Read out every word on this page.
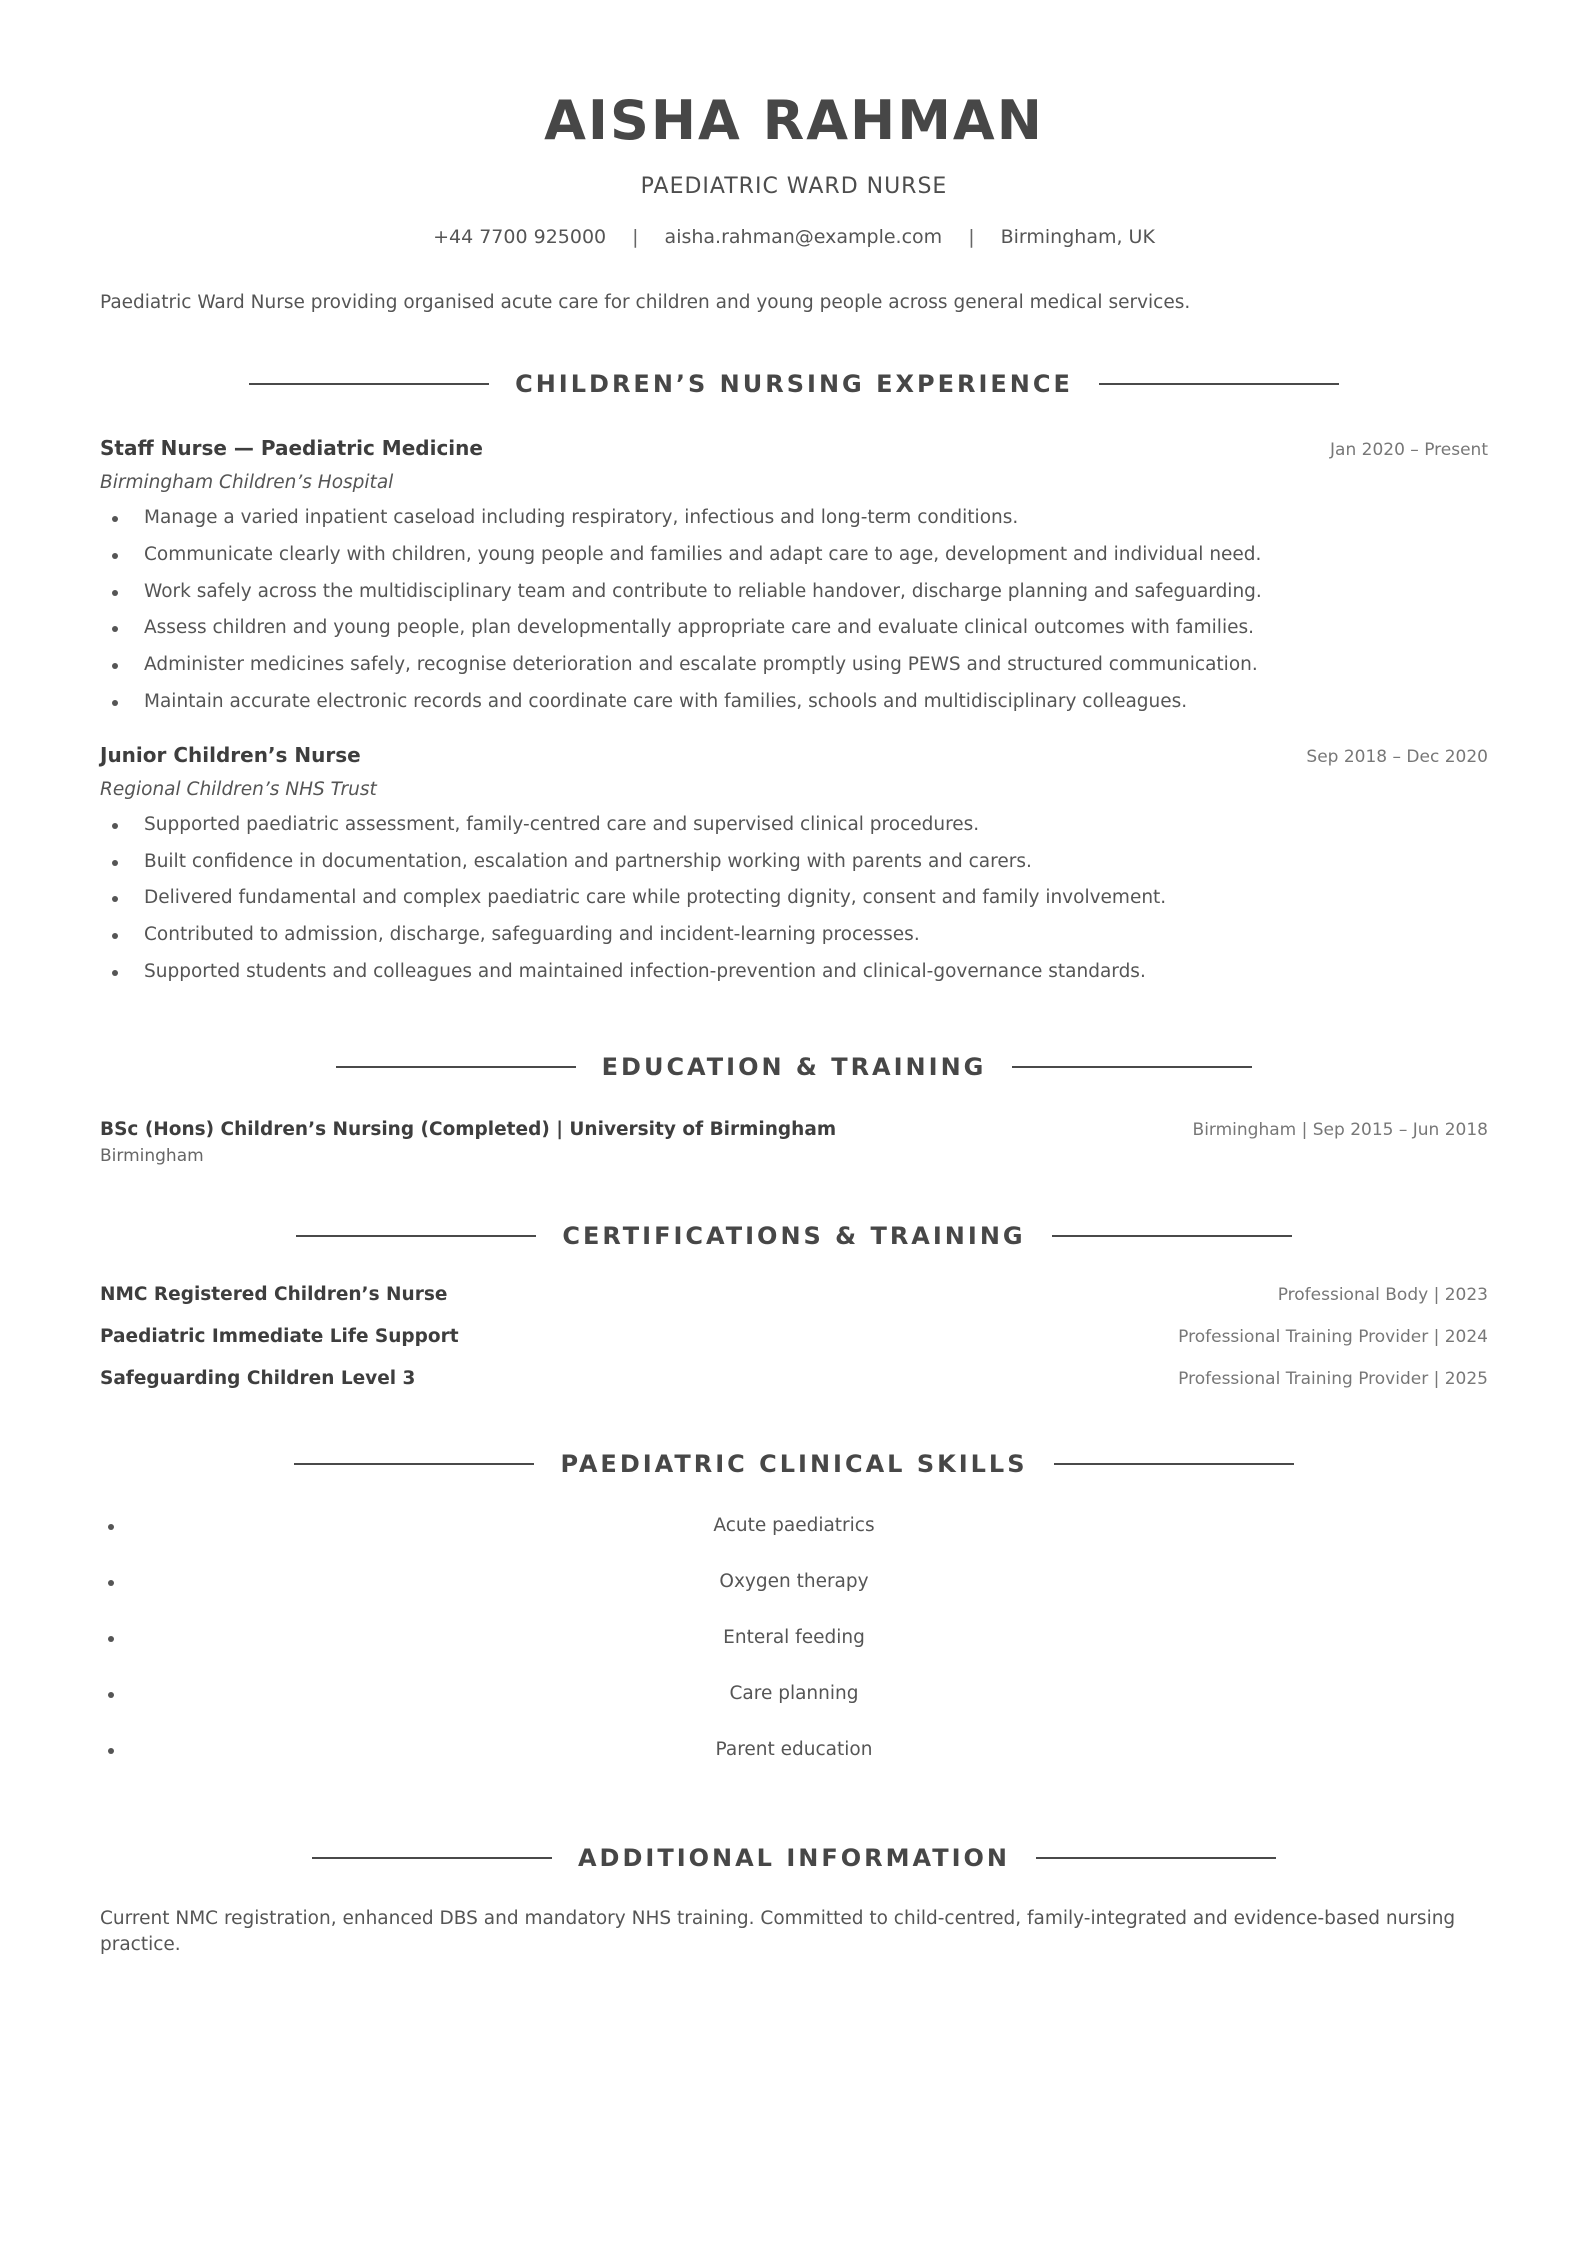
AISHA RAHMAN
PAEDIATRIC WARD NURSE
+44 7700 925000 | aisha.rahman@example.com | Birmingham, UK

Paediatric Ward Nurse providing organised acute care for children and young people across general medical services.

CHILDREN’S NURSING EXPERIENCE
Staff Nurse — Paediatric Medicine	Jan 2020 – Present
Birmingham Children’s Hospital
Manage a varied inpatient caseload including respiratory, infectious and long-term conditions.
Communicate clearly with children, young people and families and adapt care to age, development and individual need.
Work safely across the multidisciplinary team and contribute to reliable handover, discharge planning and safeguarding.
Assess children and young people, plan developmentally appropriate care and evaluate clinical outcomes with families.
Administer medicines safely, recognise deterioration and escalate promptly using PEWS and structured communication.
Maintain accurate electronic records and coordinate care with families, schools and multidisciplinary colleagues.
Junior Children’s Nurse	Sep 2018 – Dec 2020
Regional Children’s NHS Trust
Supported paediatric assessment, family-centred care and supervised clinical procedures.
Built confidence in documentation, escalation and partnership working with parents and carers.
Delivered fundamental and complex paediatric care while protecting dignity, consent and family involvement.
Contributed to admission, discharge, safeguarding and incident-learning processes.
Supported students and colleagues and maintained infection-prevention and clinical-governance standards.
EDUCATION & TRAINING
BSc (Hons) Children’s Nursing (Completed) | University of Birmingham	Birmingham | Sep 2015 – Jun 2018
Birmingham
CERTIFICATIONS & TRAINING
NMC Registered Children’s Nurse	Professional Body | 2023
Paediatric Immediate Life Support	Professional Training Provider | 2024
Safeguarding Children Level 3	Professional Training Provider | 2025
PAEDIATRIC CLINICAL SKILLS
Acute paediatrics
Oxygen therapy
Enteral feeding
Care planning
Parent education
ADDITIONAL INFORMATION

Current NMC registration, enhanced DBS and mandatory NHS training. Committed to child-centred, family-integrated and evidence-based nursing practice.
